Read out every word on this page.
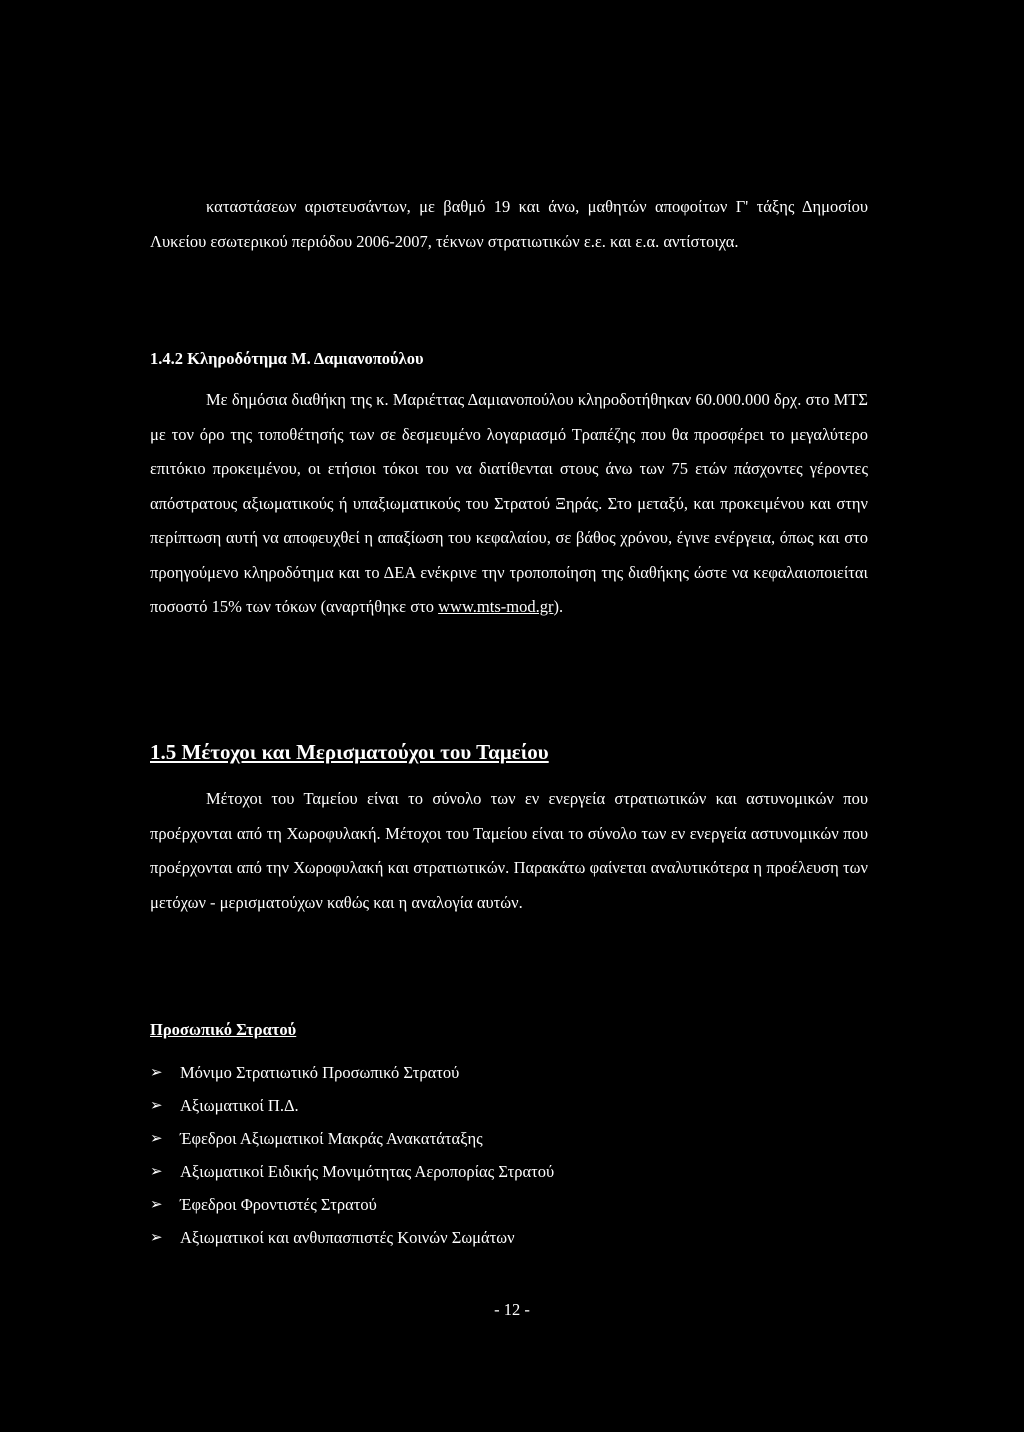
καταστάσεων αριστευσάντων, με βαθμό 19 και άνω, μαθητών αποφοίτων Γ' τάξης Δημοσίου Λυκείου εσωτερικού περιόδου 2006-2007, τέκνων στρατιωτικών ε.ε. και ε.α. αντίστοιχα.

1.4.2 Κληροδότημα Μ. Δαμιανοπούλου

Με δημόσια διαθήκη της κ. Μαριέττας Δαμιανοπούλου κληροδοτήθηκαν 60.000.000 δρχ. στο ΜΤΣ με τον όρο της τοποθέτησής των σε δεσμευμένο λογαριασμό Τραπέζης που θα προσφέρει το μεγαλύτερο επιτόκιο προκειμένου, οι ετήσιοι τόκοι του να διατίθενται στους άνω των 75 ετών πάσχοντες γέροντες απόστρατους αξιωματικούς ή υπαξιωματικούς του Στρατού Ξηράς. Στο μεταξύ, και προκειμένου και στην περίπτωση αυτή να αποφευχθεί η απαξίωση του κεφαλαίου, σε βάθος χρόνου, έγινε ενέργεια, όπως και στο προηγούμενο κληροδότημα και το ΔΕΑ ενέκρινε την τροποποίηση της διαθήκης ώστε να κεφαλαιοποιείται ποσοστό 15% των τόκων (αναρτήθηκε στο www.mts-mod.gr).

1.5 Μέτοχοι και Μερισματούχοι του Ταμείου

Μέτοχοι του Ταμείου είναι το σύνολο των εν ενεργεία στρατιωτικών και αστυνομικών που προέρχονται από τη Χωροφυλακή. Μέτοχοι του Ταμείου είναι το σύνολο των εν ενεργεία αστυνομικών που προέρχονται από την Χωροφυλακή και στρατιωτικών. Παρακάτω φαίνεται αναλυτικότερα η προέλευση των μετόχων - μερισματούχων καθώς και η αναλογία αυτών.

Προσωπικό Στρατού
➢	Μόνιμο Στρατιωτικό Προσωπικό Στρατού
➢	Αξιωματικοί Π.Δ.
➢	Έφεδροι Αξιωματικοί Μακράς Ανακατάταξης
➢	Αξιωματικοί Ειδικής Μονιμότητας Αεροπορίας Στρατού
➢	Έφεδροι Φροντιστές Στρατού
➢	Αξιωματικοί και ανθυπασπιστές Κοινών Σωμάτων

- 12 -
